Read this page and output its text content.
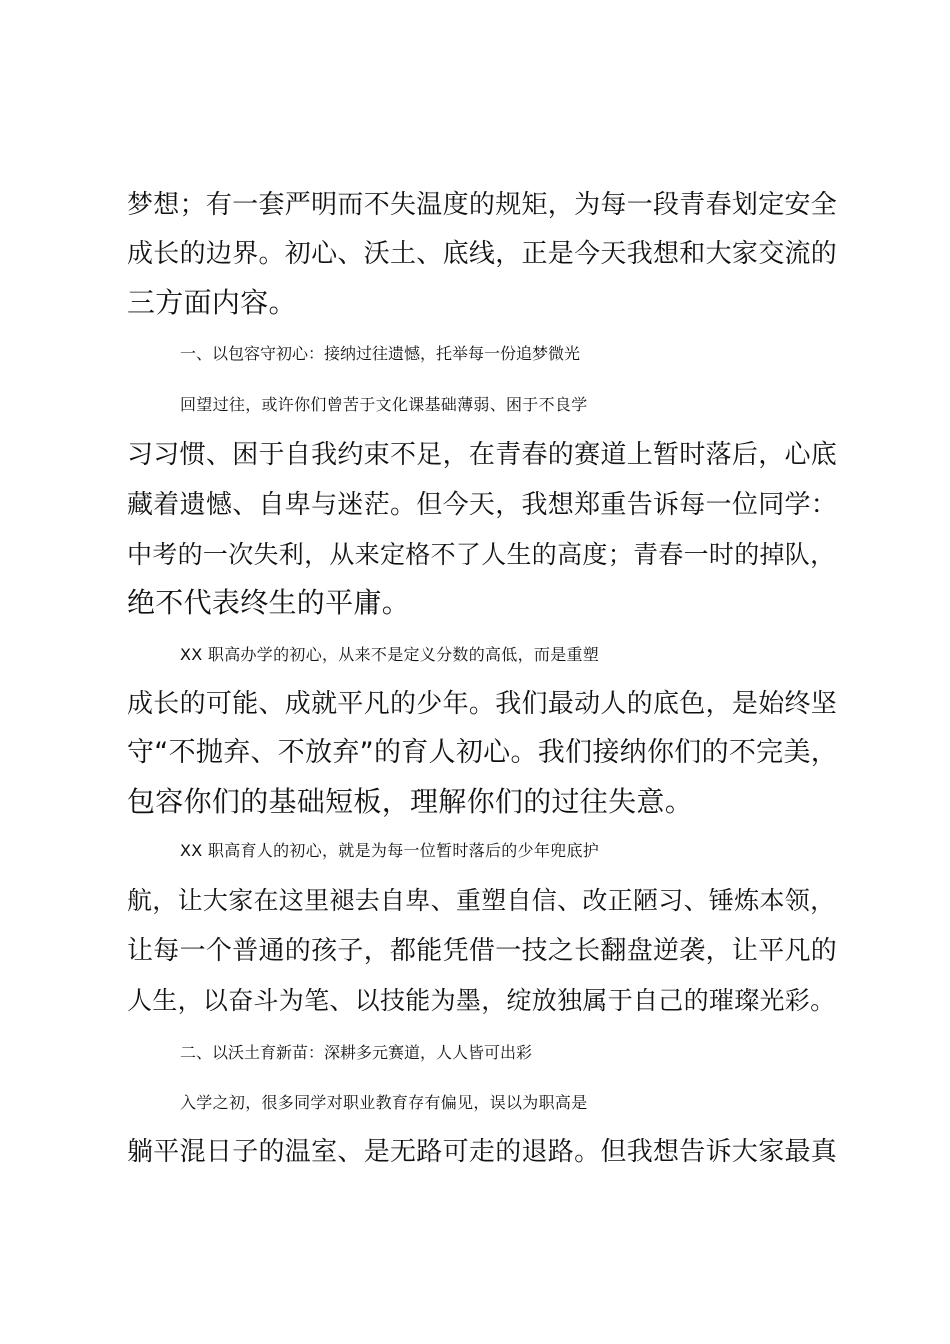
梦想；有一套严明而不失温度的规矩，为每一段青春划定安全
成长的边界。初心、沃土、底线，正是今天我想和大家交流的
三方面内容。
一、以包容守初心：接纳过往遗憾，托举每一份追梦微光
回望过往，或许你们曾苦于文化课基础薄弱、困于不良学
习习惯、困于自我约束不足，在青春的赛道上暂时落后，心底
藏着遗憾、自卑与迷茫。但今天，我想郑重告诉每一位同学：
中考的一次失利，从来定格不了人生的高度；青春一时的掉队，
绝不代表终生的平庸。
XX 职高办学的初心，从来不是定义分数的高低，而是重塑
成长的可能、成就平凡的少年。我们最动人的底色，是始终坚
守“不抛弃、不放弃”的育人初心。我们接纳你们的不完美，
包容你们的基础短板，理解你们的过往失意。
XX 职高育人的初心，就是为每一位暂时落后的少年兜底护
航，让大家在这里褪去自卑、重塑自信、改正陋习、锤炼本领，
让每一个普通的孩子，都能凭借一技之长翻盘逆袭，让平凡的
人生，以奋斗为笔、以技能为墨，绽放独属于自己的璀璨光彩。
二、以沃土育新苗：深耕多元赛道，人人皆可出彩
入学之初，很多同学对职业教育存有偏见，误以为职高是
躺平混日子的温室、是无路可走的退路。但我想告诉大家最真
